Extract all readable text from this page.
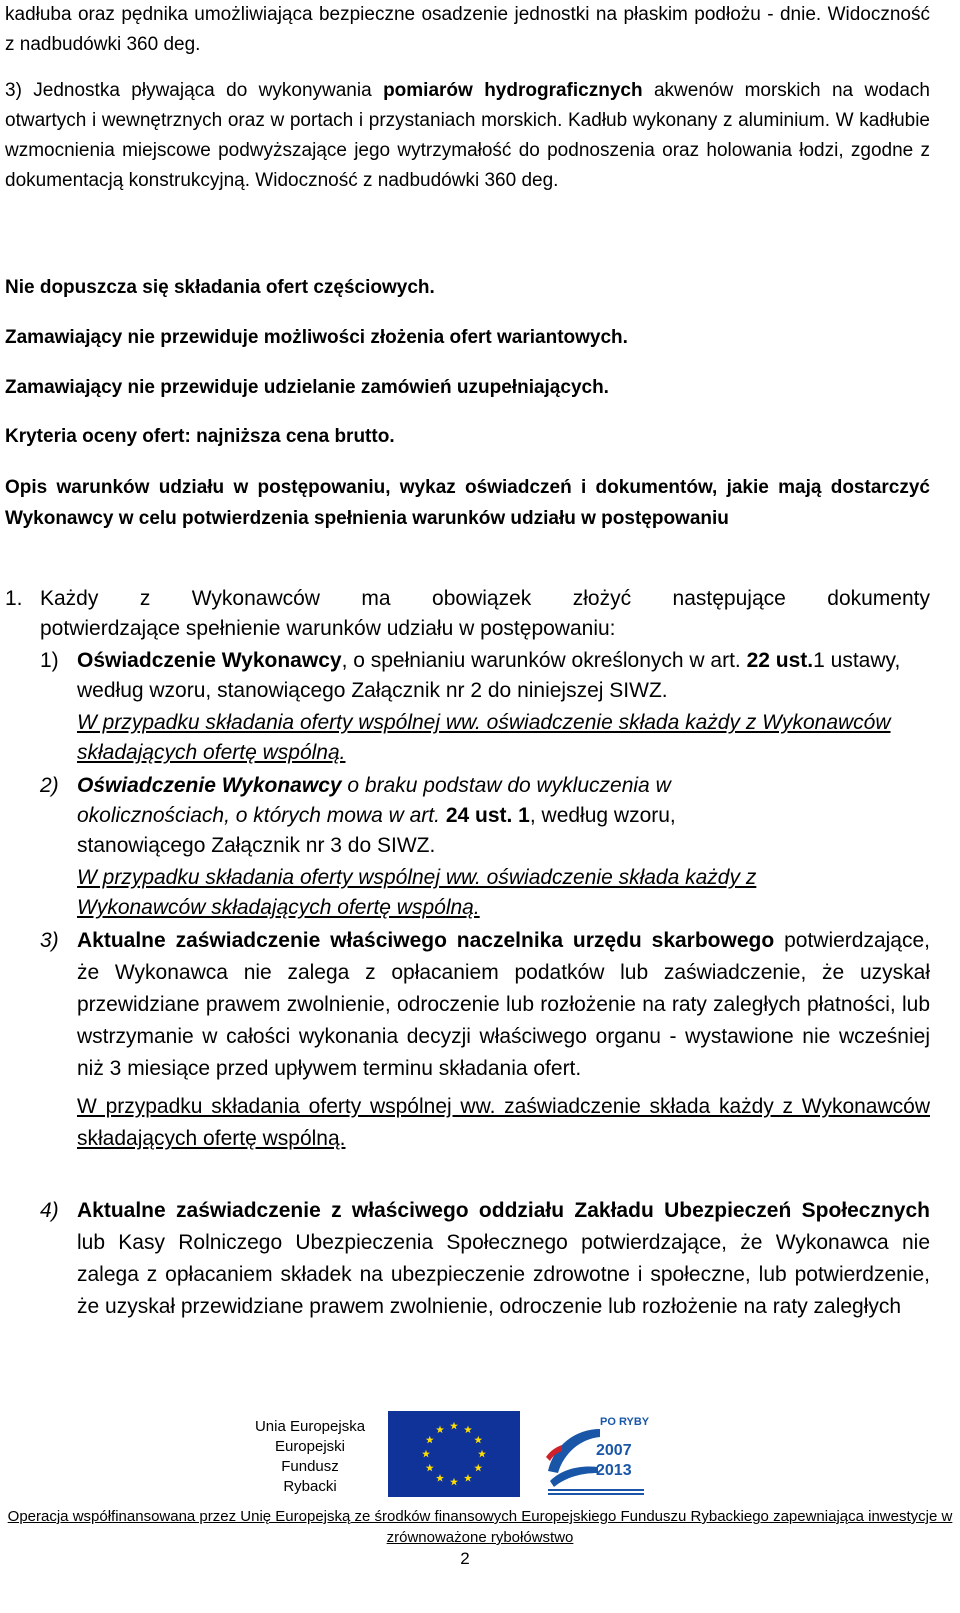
kadłuba oraz pędnika umożliwiająca bezpieczne osadzenie jednostki na płaskim podłożu - dnie. Widoczność z nadbudówki 360 deg.

3) Jednostka pływająca do wykonywania pomiarów hydrograficznych akwenów morskich na wodach otwartych i wewnętrznych oraz w portach i przystaniach morskich. Kadłub wykonany z aluminium. W kadłubie wzmocnienia miejscowe podwyższające jego wytrzymałość do podnoszenia oraz holowania łodzi, zgodne z dokumentacją konstrukcyjną. Widoczność z nadbudówki 360 deg.

Nie dopuszcza się składania ofert częściowych.

Zamawiający nie przewiduje możliwości złożenia ofert wariantowych.

Zamawiający nie przewiduje udzielanie zamówień uzupełniających.

Kryteria oceny ofert: najniższa cena brutto.

Opis warunków udziału w postępowaniu, wykaz oświadczeń i dokumentów, jakie mają dostarczyć Wykonawcy w celu potwierdzenia spełnienia warunków udziału w postępowaniu

1. Każdy z Wykonawców ma obowiązek złożyć następujące dokumenty
potwierdzające spełnienie warunków udziału w postępowaniu:
1) Oświadczenie Wykonawcy, o spełnianiu warunków określonych w art. 22 ust.1 ustawy, według wzoru, stanowiącego Załącznik nr 2 do niniejszej SIWZ.
W przypadku składania oferty wspólnej ww. oświadczenie składa każdy z Wykonawców składających ofertę wspólną.
2) Oświadczenie Wykonawcy o braku podstaw do wykluczenia w okolicznościach, o których mowa w art. 24 ust. 1, według wzoru, stanowiącego Załącznik nr 3 do SIWZ.
W przypadku składania oferty wspólnej ww. oświadczenie składa każdy z Wykonawców składających ofertę wspólną.
3) Aktualne zaświadczenie właściwego naczelnika urzędu skarbowego potwierdzające, że Wykonawca nie zalega z opłacaniem podatków lub zaświadczenie, że uzyskał przewidziane prawem zwolnienie, odroczenie lub rozłożenie na raty zaległych płatności, lub wstrzymanie w całości wykonania decyzji właściwego organu - wystawione nie wcześniej niż 3 miesiące przed upływem terminu składania ofert.
W przypadku składania oferty wspólnej ww. zaświadczenie składa każdy z Wykonawców składających ofertę wspólną.
4) Aktualne zaświadczenie z właściwego oddziału Zakładu Ubezpieczeń Społecznych lub Kasy Rolniczego Ubezpieczenia Społecznego potwierdzające, że Wykonawca nie zalega z opłacaniem składek na ubezpieczenie zdrowotne i społeczne, lub potwierdzenie, że uzyskał przewidziane prawem zwolnienie, odroczenie lub rozłożenie na raty zaległych
Unia Europejska
Europejski
Fundusz
Rybacki
PO RYBY
2007
2013
Operacja współfinansowana przez Unię Europejską ze środków finansowych Europejskiego Funduszu Rybackiego zapewniająca inwestycje w zrównoważone rybołówstwo
2
